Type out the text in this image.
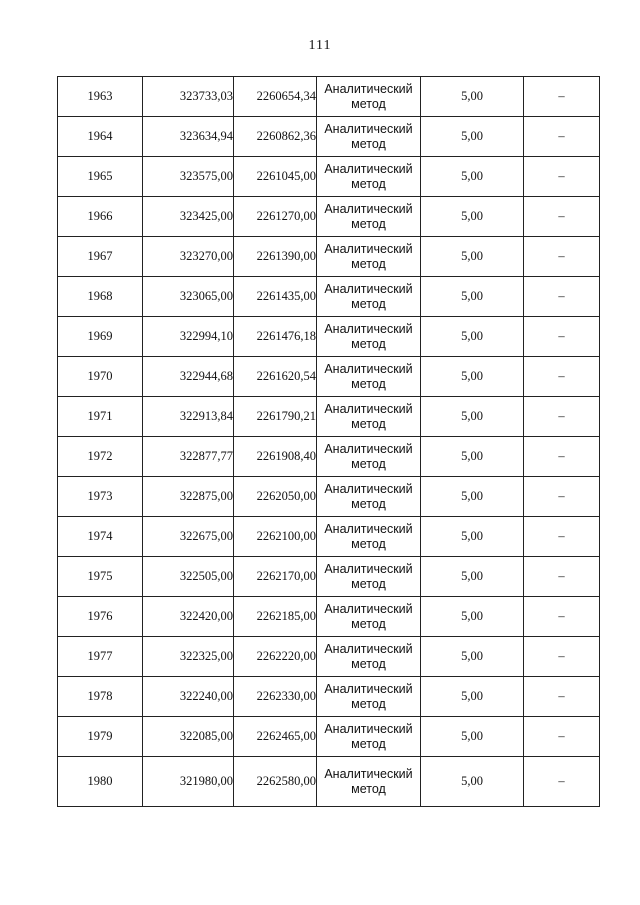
111
1963	323733,03	2260654,34	Аналитический
метод	5,00	–
1964	323634,94	2260862,36	Аналитический
метод	5,00	–
1965	323575,00	2261045,00	Аналитический
метод	5,00	–
1966	323425,00	2261270,00	Аналитический
метод	5,00	–
1967	323270,00	2261390,00	Аналитический
метод	5,00	–
1968	323065,00	2261435,00	Аналитический
метод	5,00	–
1969	322994,10	2261476,18	Аналитический
метод	5,00	–
1970	322944,68	2261620,54	Аналитический
метод	5,00	–
1971	322913,84	2261790,21	Аналитический
метод	5,00	–
1972	322877,77	2261908,40	Аналитический
метод	5,00	–
1973	322875,00	2262050,00	Аналитический
метод	5,00	–
1974	322675,00	2262100,00	Аналитический
метод	5,00	–
1975	322505,00	2262170,00	Аналитический
метод	5,00	–
1976	322420,00	2262185,00	Аналитический
метод	5,00	–
1977	322325,00	2262220,00	Аналитический
метод	5,00	–
1978	322240,00	2262330,00	Аналитический
метод	5,00	–
1979	322085,00	2262465,00	Аналитический
метод	5,00	–
1980	321980,00	2262580,00	Аналитический
метод	5,00	–
